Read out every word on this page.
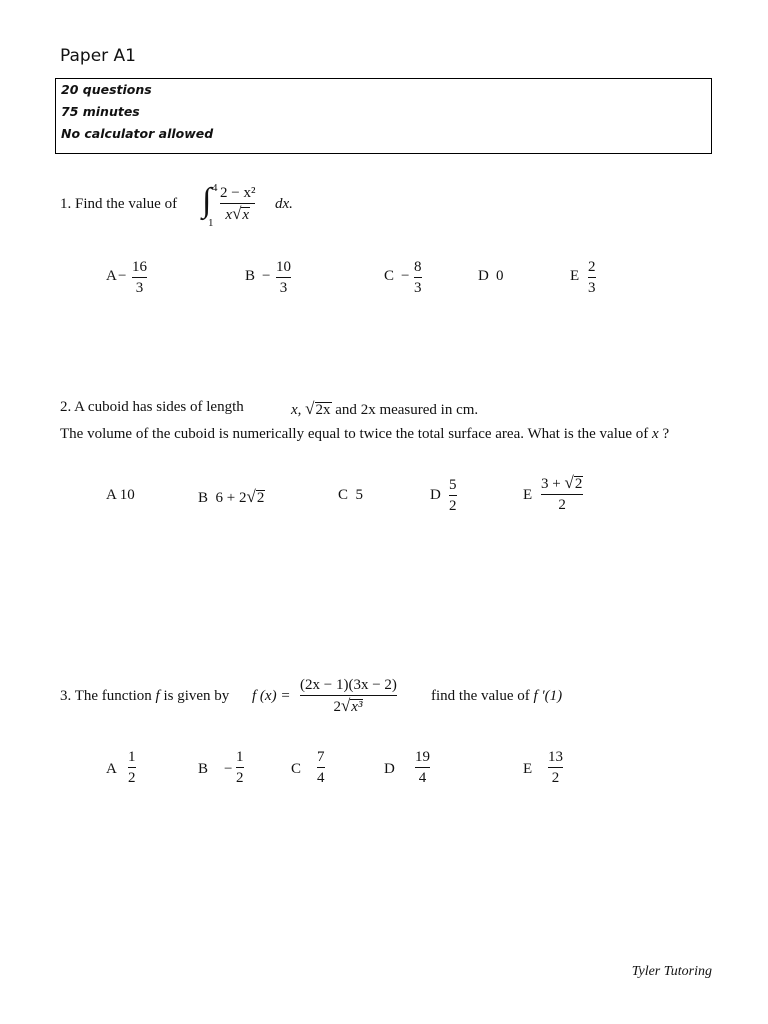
Paper A1
20 questions
75 minutes
No calculator allowed
1. Find the value of ∫ 4
1
2 − x²
x√x
dx.
A −
16
3
B −
10
3
C −
8
3
D 0	E
2
3
2. A cuboid has sides of length	x, √2x and 2x measured in cm.
The volume of the cuboid is numerically equal to twice the total surface area. What is the value of x ?
A 10	B 6 + 2√2	C 5	D
5
2
E
3 + √2
2
3. The function f is given by f (x) =
(2x − 1)(3x − 2)
2√x³
find the value of f ′(1)
A
1
2
B −
1
2
C
7
4
D
19
4
E
13
2
Tyler Tutoring
